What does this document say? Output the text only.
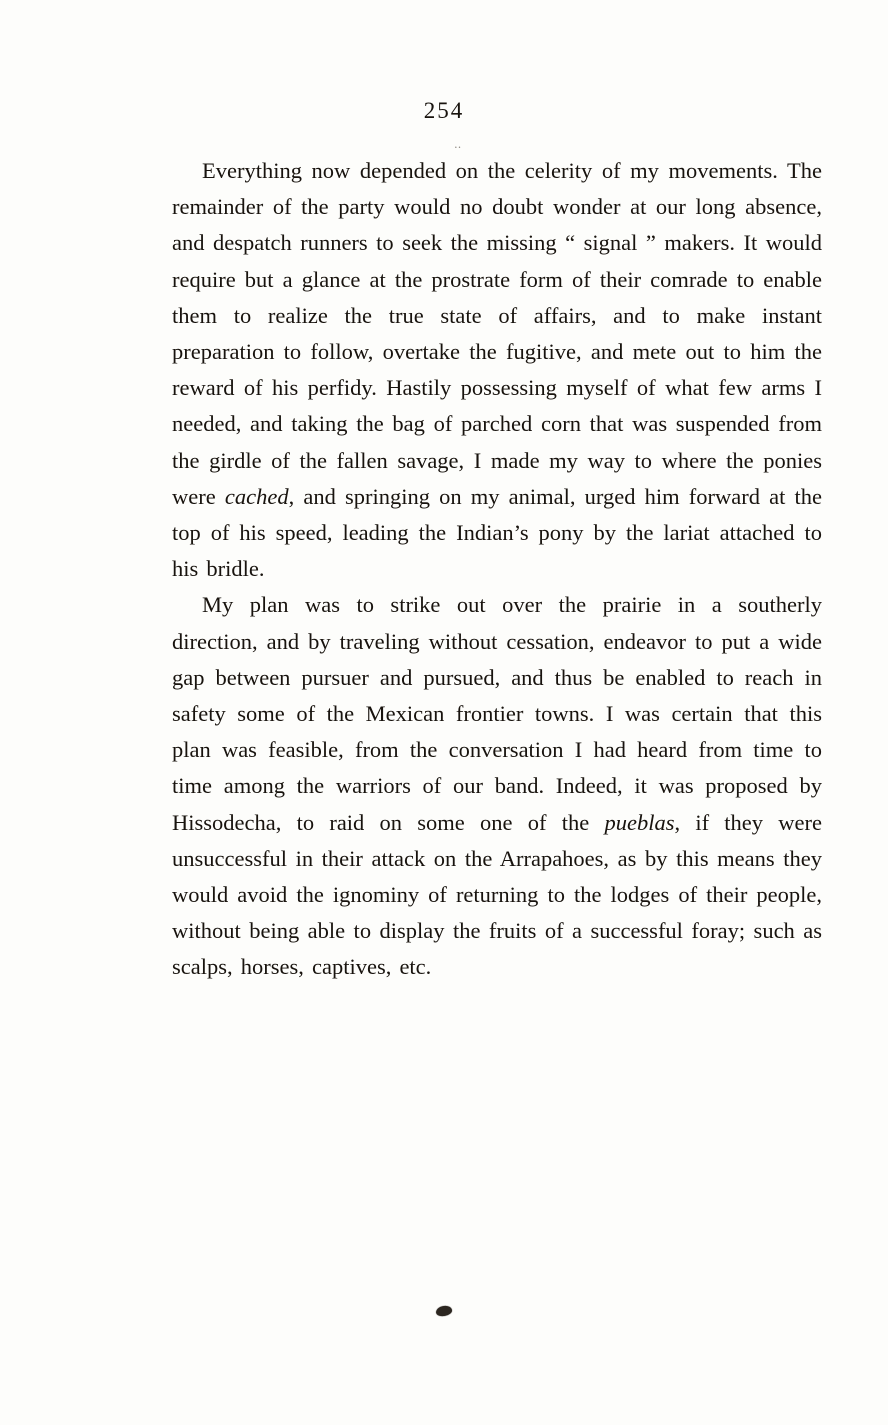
254
‥

Everything now depended on the celerity of my movements. The remainder of the party would no doubt wonder at our long absence, and despatch runners to seek the missing “ signal ” makers. It would require but a glance at the prostrate form of their comrade to enable them to realize the true state of affairs, and to make instant preparation to follow, overtake the fugitive, and mete out to him the reward of his perfidy. Hastily possessing myself of what few arms I needed, and taking the bag of parched corn that was suspended from the girdle of the fallen savage, I made my way to where the ponies were cached, and springing on my animal, urged him forward at the top of his speed, leading the Indian’s pony by the lariat attached to his bridle.

My plan was to strike out over the prairie in a southerly direction, and by traveling without cessation, endeavor to put a wide gap between pursuer and pursued, and thus be enabled to reach in safety some of the Mexican frontier towns. I was certain that this plan was feasible, from the conversation I had heard from time to time among the warriors of our band. Indeed, it was proposed by Hissodecha, to raid on some one of the pueblas, if they were unsuccessful in their attack on the Arrapahoes, as by this means they would avoid the ignominy of returning to the lodges of their people, without being able to display the fruits of a successful foray; such as scalps, horses, captives, etc.
